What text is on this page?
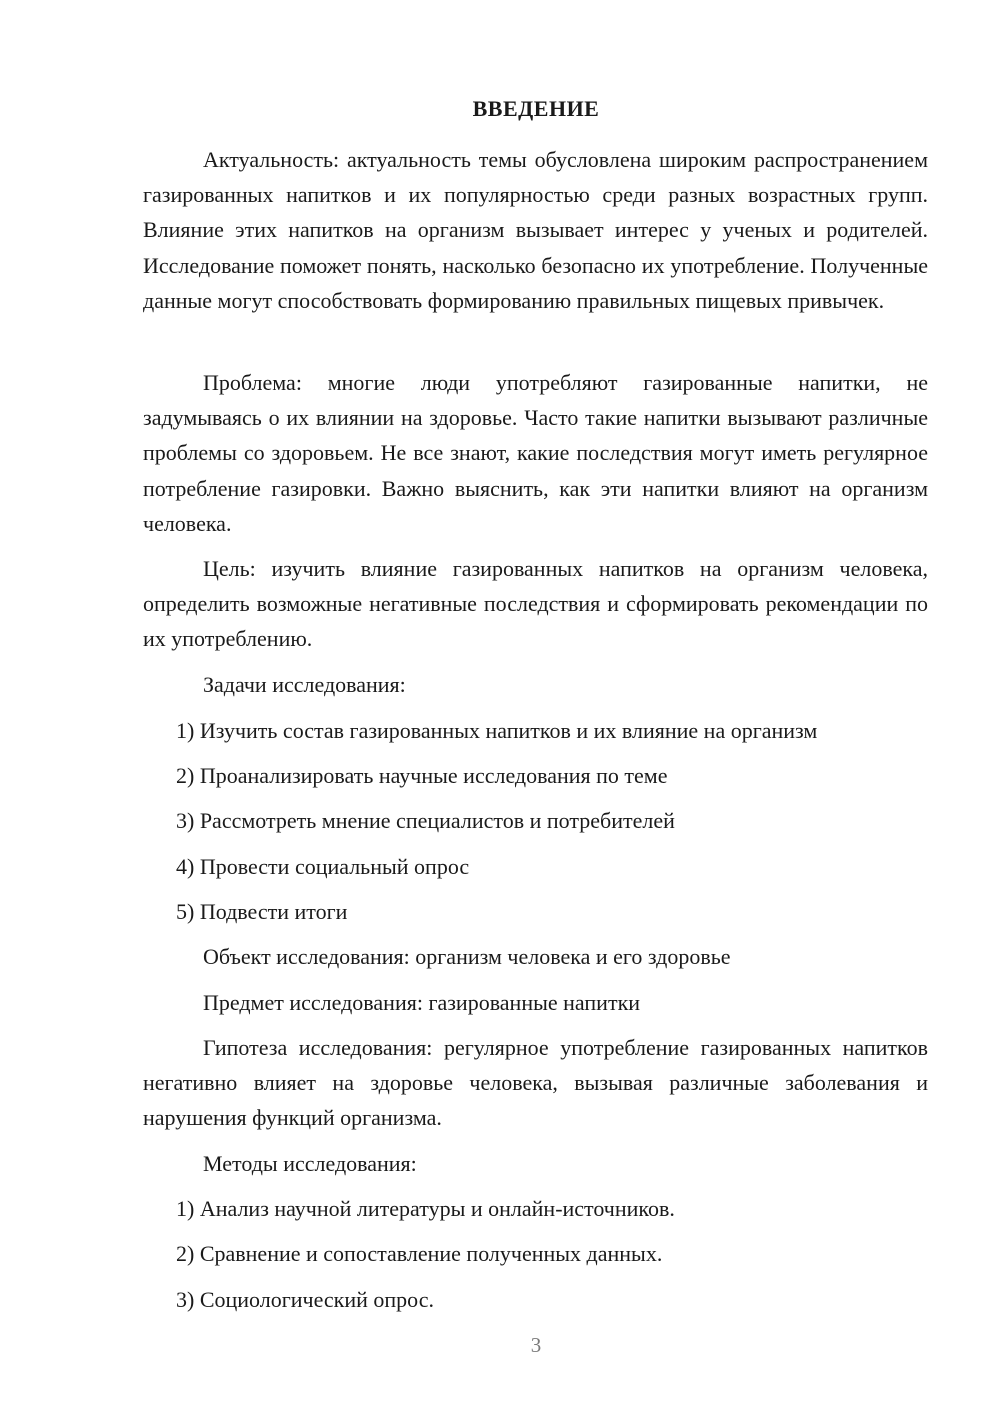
ВВЕДЕНИЕ
Актуальность: актуальность темы обусловлена широким распространением газированных напитков и их популярностью среди разных возрастных групп. Влияние этих напитков на организм вызывает интерес у ученых и родителей. Исследование поможет понять, насколько безопасно их употребление. Полученные данные могут способствовать формированию правильных пищевых привычек.
Проблема: многие люди употребляют газированные напитки, не задумываясь о их влиянии на здоровье. Часто такие напитки вызывают различные проблемы со здоровьем. Не все знают, какие последствия могут иметь регулярное потребление газировки. Важно выяснить, как эти напитки влияют на организм человека.
Цель: изучить влияние газированных напитков на организм человека, определить возможные негативные последствия и сформировать рекомендации по их употреблению.
Задачи исследования:
1) Изучить состав газированных напитков и их влияние на организм
2) Проанализировать научные исследования по теме
3) Рассмотреть мнение специалистов и потребителей
4) Провести социальный опрос
5) Подвести итоги
Объект исследования: организм человека и его здоровье
Предмет исследования: газированные напитки
Гипотеза исследования: регулярное употребление газированных напитков негативно влияет на здоровье человека, вызывая различные заболевания и нарушения функций организма.
Методы исследования:
1) Анализ научной литературы и онлайн-источников.
2) Сравнение и сопоставление полученных данных.
3) Социологический опрос.
3
